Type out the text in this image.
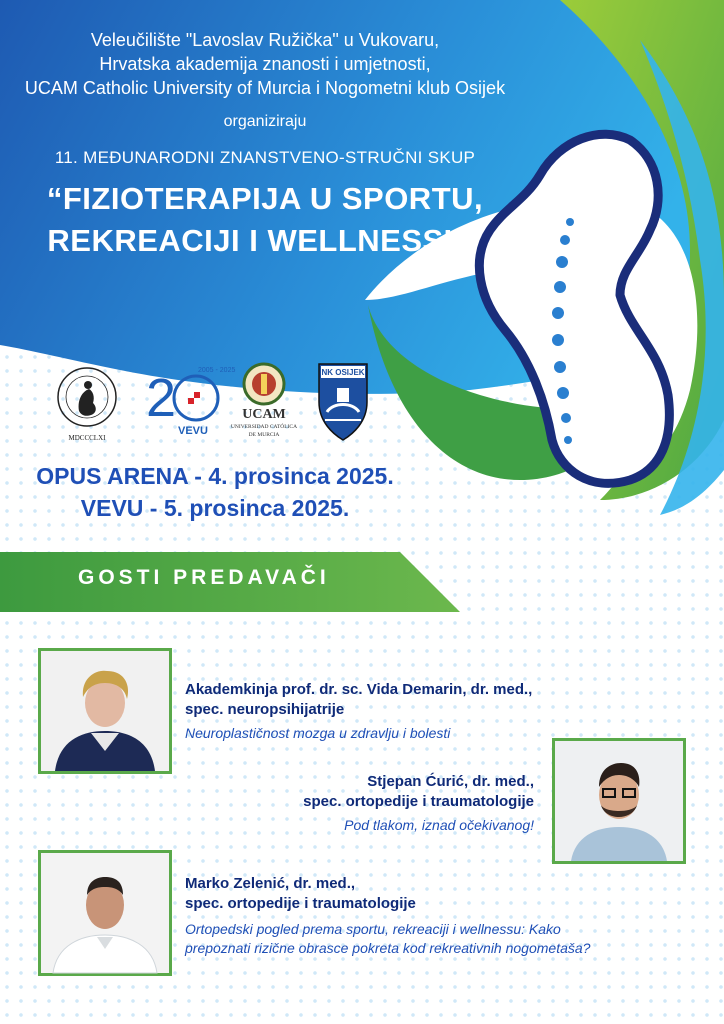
Veleučilište "Lavoslav Ružička" u Vukovaru,
Hrvatska akademija znanosti i umjetnosti,
UCAM Catholic University of Murcia i Nogometni klub Osijek
organiziraju
11. MEĐUNARODNI ZNANSTVENO-STRUČNI SKUP
“FIZIOTERAPIJA U SPORTU,
REKREACIJI I WELLNESSU”
MDCCCLXI
2
VEVU
2005 - 2025
UCAM
UNIVERSIDAD CATÓLICA
DE MURCIA
NK OSIJEK
OPUS ARENA - 4. prosinca 2025.
VEVU - 5. prosinca 2025.
GOSTI PREDAVAČI
Akademkinja prof. dr. sc. Vida Demarin, dr. med.,
spec. neuropsihijatrije
Neuroplastičnost mozga u zdravlju i bolesti
Stjepan Ćurić, dr. med.,
spec. ortopedije i traumatologije
Pod tlakom, iznad očekivanog!
Marko Zelenić, dr. med.,
spec. ortopedije i traumatologije
Ortopedski pogled prema sportu, rekreaciji i wellnessu: Kako
prepoznati rizične obrasce pokreta kod rekreativnih nogometaša?
